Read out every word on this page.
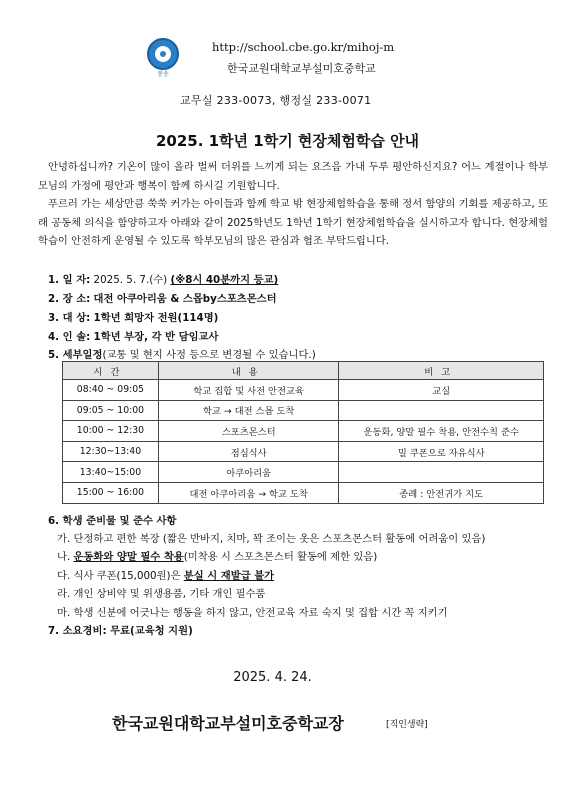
봉송
http://school.cbe.go.kr/mihoj-m
한국교원대학교부설미호중학교
교무실 233-0073, 행정실 233-0071
2025. 1학년 1학기 현장체험학습 안내
안녕하십니까? 기온이 많이 올라 벌써 더위를 느끼게 되는 요즈음 가내 두루 평안하신지요? 어느 계절이나 학부모님의 가정에 평안과 행복이 함께 하시길 기원합니다.
푸르러 가는 세상만큼 쑥쑥 커가는 아이들과 함께 학교 밖 현장체험학습을 통해 정서 함양의 기회를 제공하고, 또래 공동체 의식을 함양하고자 아래와 같이 2025학년도 1학년 1학기 현장체험학습을 실시하고자 합니다. 현장체험학습이 안전하게 운영될 수 있도록 학부모님의 많은 관심과 협조 부탁드립니다.
1. 일 자: 2025. 5. 7.(수) (※8시 40분까지 등교)
2. 장 소: 대전 아쿠아리움 & 스몹by스포츠몬스터
3. 대 상: 1학년 희망자 전원(114명)
4. 인 솔: 1학년 부장, 각 반 담임교사
5. 세부일정(교통 및 현지 사정 등으로 변경될 수 있습니다.)
시간	내용	비고
08:40 ~ 09:05	학교 집합 및 사전 안전교육	교실
09:05 ~ 10:00	학교 → 대전 스몹 도착	
10:00 ~ 12:30	스포츠몬스터	운동화, 양말 필수 착용, 안전수칙 준수
12:30~13:40	점심식사	밀 쿠폰으로 자유식사
13:40~15:00	아쿠아리움	
15:00 ~ 16:00	대전 아쿠아리움 → 학교 도착	종례 : 안전귀가 지도
6. 학생 준비물 및 준수 사항
가. 단정하고 편한 복장 (짧은 반바지, 치마, 꽉 조이는 옷은 스포츠몬스터 활동에 어려움이 있음)
나. 운동화와 양말 필수 착용(미착용 시 스포츠몬스터 활동에 제한 있음)
다. 식사 쿠폰(15,000원)은 분실 시 재발급 불가
라. 개인 상비약 및 위생용품, 기타 개인 필수품
마. 학생 신분에 어긋나는 행동을 하지 않고, 안전교육 자료 숙지 및 집합 시간 꼭 지키기
7. 소요경비: 무료(교육청 지원)
2025. 4. 24.
한국교원대학교부설미호중학교장	[직인생략]
